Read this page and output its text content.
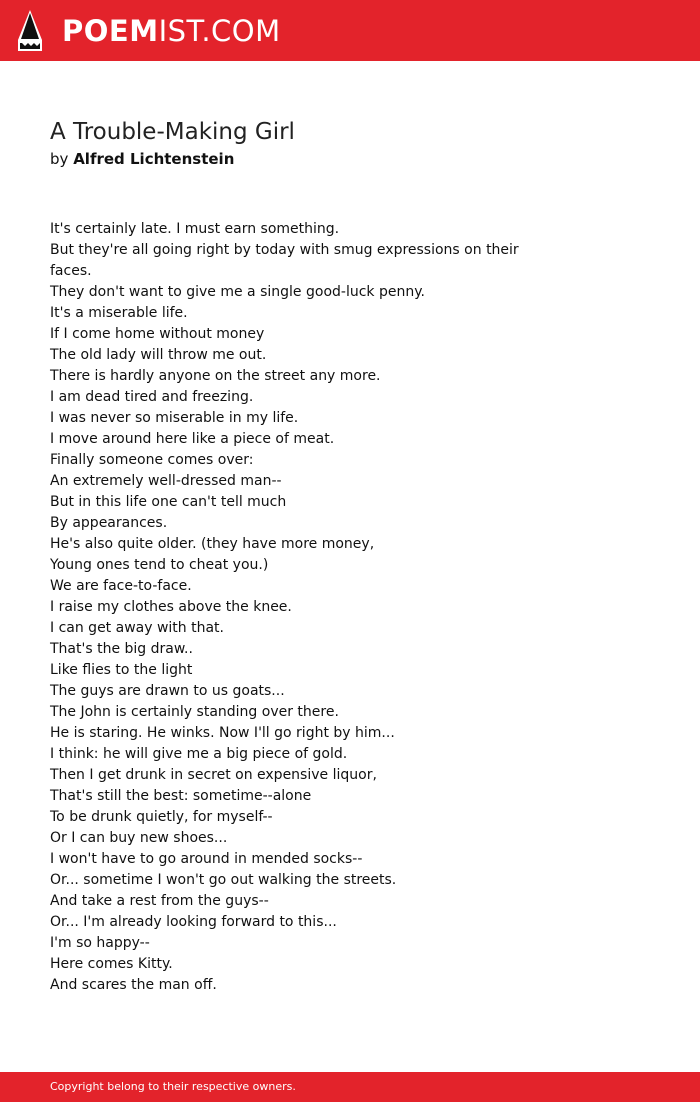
POEMIST.COM
A Trouble-Making Girl
by Alfred Lichtenstein
It's certainly late. I must earn something.
But they're all going right by today with smug expressions on their faces.
They don't want to give me a single good-luck penny.
It's a miserable life.
If I come home without money
The old lady will throw me out.
There is hardly anyone on the street any more.
I am dead tired and freezing.
I was never so miserable in my life.
I move around here like a piece of meat.
Finally someone comes over:
An extremely well-dressed man--
But in this life one can't tell much
By appearances.
He's also quite older. (they have more money,
Young ones tend to cheat you.)
We are face-to-face.
I raise my clothes above the knee.
I can get away with that.
That's the big draw..
Like flies to the light
The guys are drawn to us goats...
The John is certainly standing over there.
He is staring. He winks. Now I'll go right by him...
I think: he will give me a big piece of gold.
Then I get drunk in secret on expensive liquor,
That's still the best: sometime--alone
To be drunk quietly, for myself--
Or I can buy new shoes...
I won't have to go around in mended socks--
Or... sometime I won't go out walking the streets.
And take a rest from the guys--
Or... I'm already looking forward to this...
I'm so happy--
Here comes Kitty.
And scares the man off.
Copyright belong to their respective owners.
